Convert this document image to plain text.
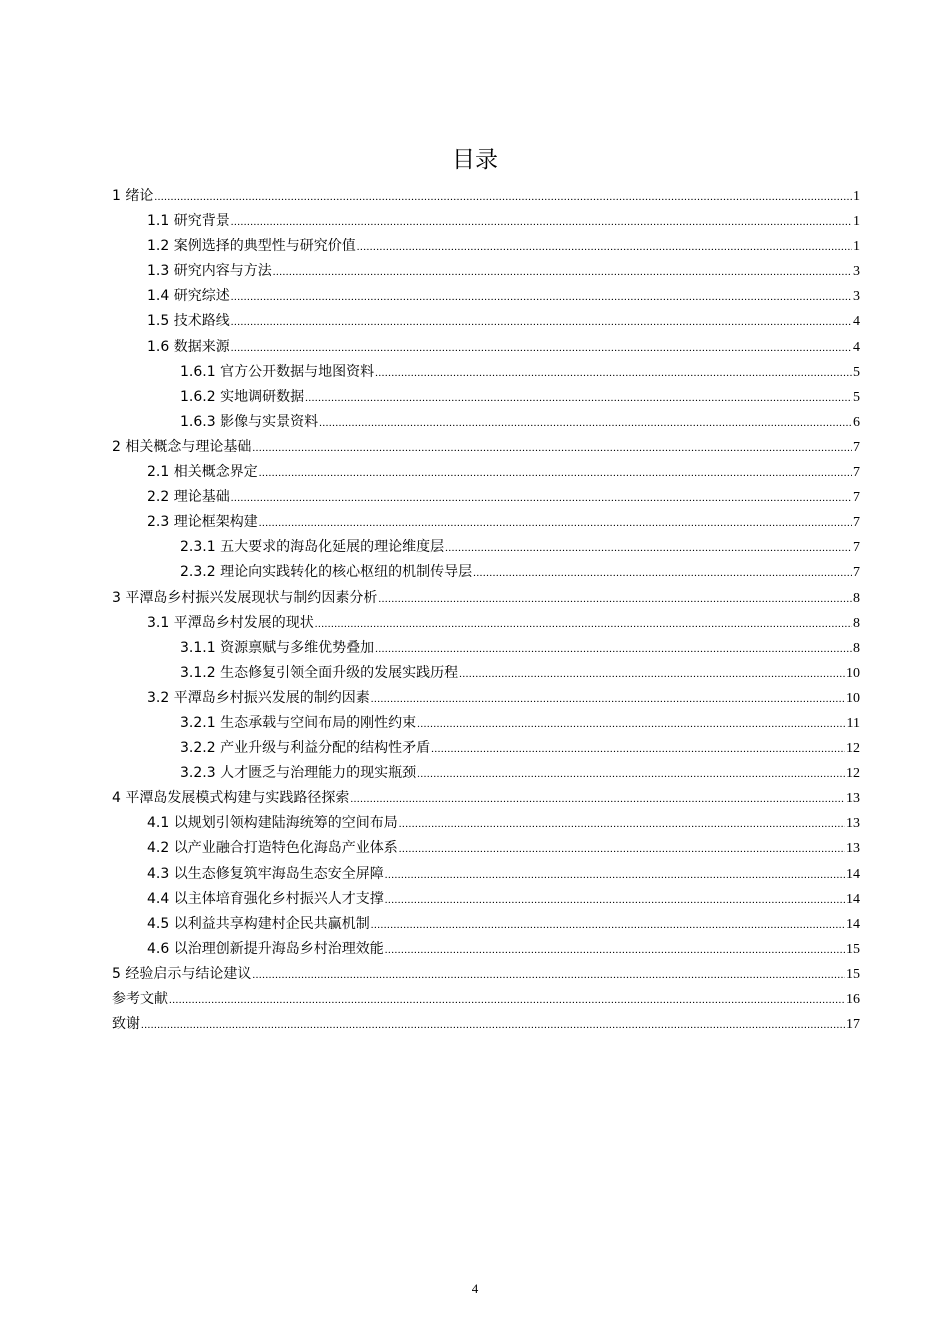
目录
1 绪论 .....	1
1.1 研究背景 .....	1
1.2 案例选择的典型性与研究价值 .....	1
1.3 研究内容与方法 .....	3
1.4 研究综述 .....	3
1.5 技术路线 .....	4
1.6 数据来源 .....	4
1.6.1 官方公开数据与地图资料 .....	5
1.6.2 实地调研数据 .....	5
1.6.3 影像与实景资料 .....	6
2 相关概念与理论基础 .....	7
2.1 相关概念界定 .....	7
2.2 理论基础 .....	7
2.3 理论框架构建 .....	7
2.3.1 五大要求的海岛化延展的理论维度层 .....	7
2.3.2 理论向实践转化的核心枢纽的机制传导层 .....	7
3 平潭岛乡村振兴发展现状与制约因素分析 .....	8
3.1 平潭岛乡村发展的现状 .....	8
3.1.1 资源禀赋与多维优势叠加 .....	8
3.1.2 生态修复引领全面升级的发展实践历程 .....	10
3.2 平潭岛乡村振兴发展的制约因素 .....	10
3.2.1 生态承载与空间布局的刚性约束 .....	11
3.2.2 产业升级与利益分配的结构性矛盾 .....	12
3.2.3 人才匮乏与治理能力的现实瓶颈 .....	12
4 平潭岛发展模式构建与实践路径探索 .....	13
4.1 以规划引领构建陆海统筹的空间布局 .....	13
4.2 以产业融合打造特色化海岛产业体系 .....	13
4.3 以生态修复筑牢海岛生态安全屏障 .....	14
4.4 以主体培育强化乡村振兴人才支撑 .....	14
4.5 以利益共享构建村企民共赢机制 .....	14
4.6 以治理创新提升海岛乡村治理效能 .....	15
5 经验启示与结论建议 .....	15
参考文献 .....	16
致谢 .....	17
4
